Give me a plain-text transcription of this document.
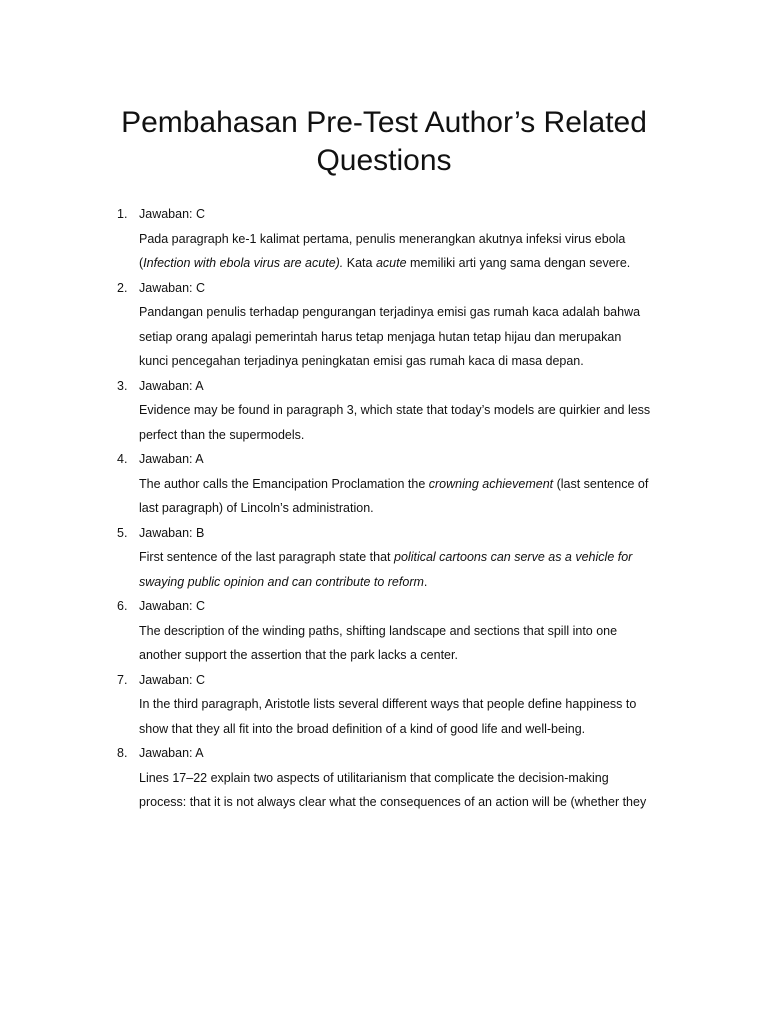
Pembahasan Pre-Test Author’s Related
Questions
1. Jawaban: C
Pada paragraph ke-1 kalimat pertama, penulis menerangkan akutnya infeksi virus ebola
(Infection with ebola virus are acute). Kata acute memiliki arti yang sama dengan severe.
2. Jawaban: C
Pandangan penulis terhadap pengurangan terjadinya emisi gas rumah kaca adalah bahwa
setiap orang apalagi pemerintah harus tetap menjaga hutan tetap hijau dan merupakan
kunci pencegahan terjadinya peningkatan emisi gas rumah kaca di masa depan.
3. Jawaban: A
Evidence may be found in paragraph 3, which state that today’s models are quirkier and less
perfect than the supermodels.
4. Jawaban: A
The author calls the Emancipation Proclamation the crowning achievement (last sentence of
last paragraph) of Lincoln’s administration.
5. Jawaban: B
First sentence of the last paragraph state that political cartoons can serve as a vehicle for
swaying public opinion and can contribute to reform.
6. Jawaban: C
The description of the winding paths, shifting landscape and sections that spill into one
another support the assertion that the park lacks a center.
7. Jawaban: C
In the third paragraph, Aristotle lists several different ways that people define happiness to
show that they all fit into the broad definition of a kind of good life and well-being.
8. Jawaban: A
Lines 17–22 explain two aspects of utilitarianism that complicate the decision-making
process: that it is not always clear what the consequences of an action will be (whether they
